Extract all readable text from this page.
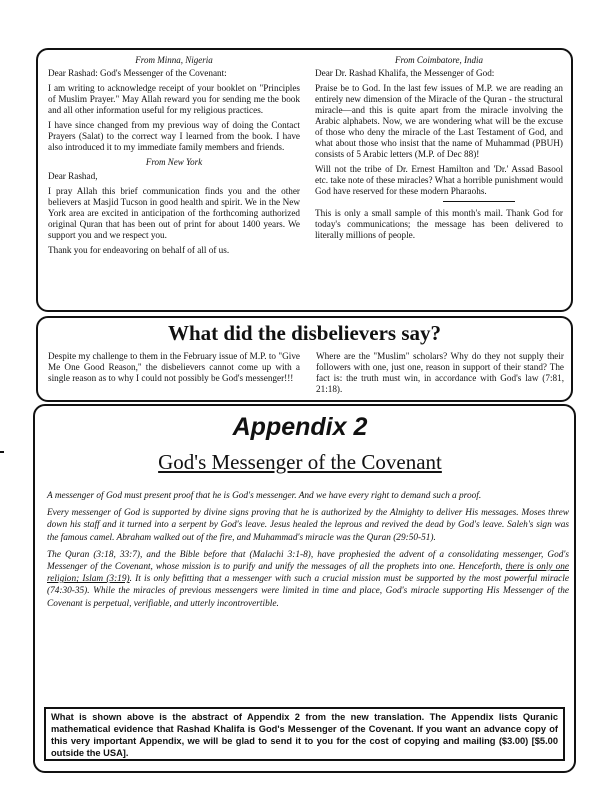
From Minna, Nigeria

Dear Rashad: God's Messenger of the Covenant:

I am writing to acknowledge receipt of your booklet on "Principles of Muslim Prayer." May Allah reward you for sending me the book and all other information useful for my religious practices.

I have since changed from my previous way of doing the Contact Prayers (Salat) to the correct way I learned from the book. I have also introduced it to my immediate family members and friends.

From New York

Dear Rashad,

I pray Allah this brief communication finds you and the other believers at Masjid Tucson in good health and spirit. We in the New York area are excited in anticipation of the forthcoming authorized original Quran that has been out of print for about 1400 years. We support you and we respect you.

Thank you for endeavoring on behalf of all of us.

From Coimbatore, India

Dear Dr. Rashad Khalifa, the Messenger of God:

Praise be to God. In the last few issues of M.P. we are reading an entirely new dimension of the Miracle of the Quran - the structural miracle—and this is quite apart from the miracle involving the Arabic alphabets. Now, we are wondering what will be the excuse of those who deny the miracle of the Last Testament of God, and what about those who insist that the name of Muhammad (PBUH) consists of 5 Arabic letters (M.P. of Dec 88)!

Will not the tribe of Dr. Ernest Hamilton and 'Dr.' Assad Basool etc. take note of these miracles? What a horrible punishment would God have reserved for these modern Pharaohs.

This is only a small sample of this month's mail. Thank God for today's communications; the message has been delivered to literally millions of people.

What did the disbelievers say?
Despite my challenge to them in the February issue of M.P. to "Give Me One Good Reason," the disbelievers cannot come up with a single reason as to why I could not possibly be God's messenger!!!
Where are the "Muslim" scholars? Why do they not supply their followers with one, just one, reason in support of their stand? The fact is: the truth must win, in accordance with God's law (7:81, 21:18).
Appendix 2
God's Messenger of the Covenant

A messenger of God must present proof that he is God's messenger. And we have every right to demand such a proof.

Every messenger of God is supported by divine signs proving that he is authorized by the Almighty to deliver His messages. Moses threw down his staff and it turned into a serpent by God's leave. Jesus healed the leprous and revived the dead by God's leave. Saleh's sign was the famous camel. Abraham walked out of the fire, and Muhammad's miracle was the Quran (29:50-51).

The Quran (3:18, 33:7), and the Bible before that (Malachi 3:1-8), have prophesied the advent of a consolidating messenger, God's Messenger of the Covenant, whose mission is to purify and unify the messages of all the prophets into one. Henceforth, there is only one religion; Islam (3:19). It is only befitting that a messenger with such a crucial mission must be supported by the most powerful miracle (74:30-35). While the miracles of previous messengers were limited in time and place, God's miracle supporting His Messenger of the Covenant is perpetual, verifiable, and utterly incontrovertible.

What is shown above is the abstract of Appendix 2 from the new translation. The Appendix lists Quranic mathematical evidence that Rashad Khalifa is God's Messenger of the Covenant. If you want an advance copy of this very important Appendix, we will be glad to send it to you for the cost of copying and mailing ($3.00) [$5.00 outside the USA].
